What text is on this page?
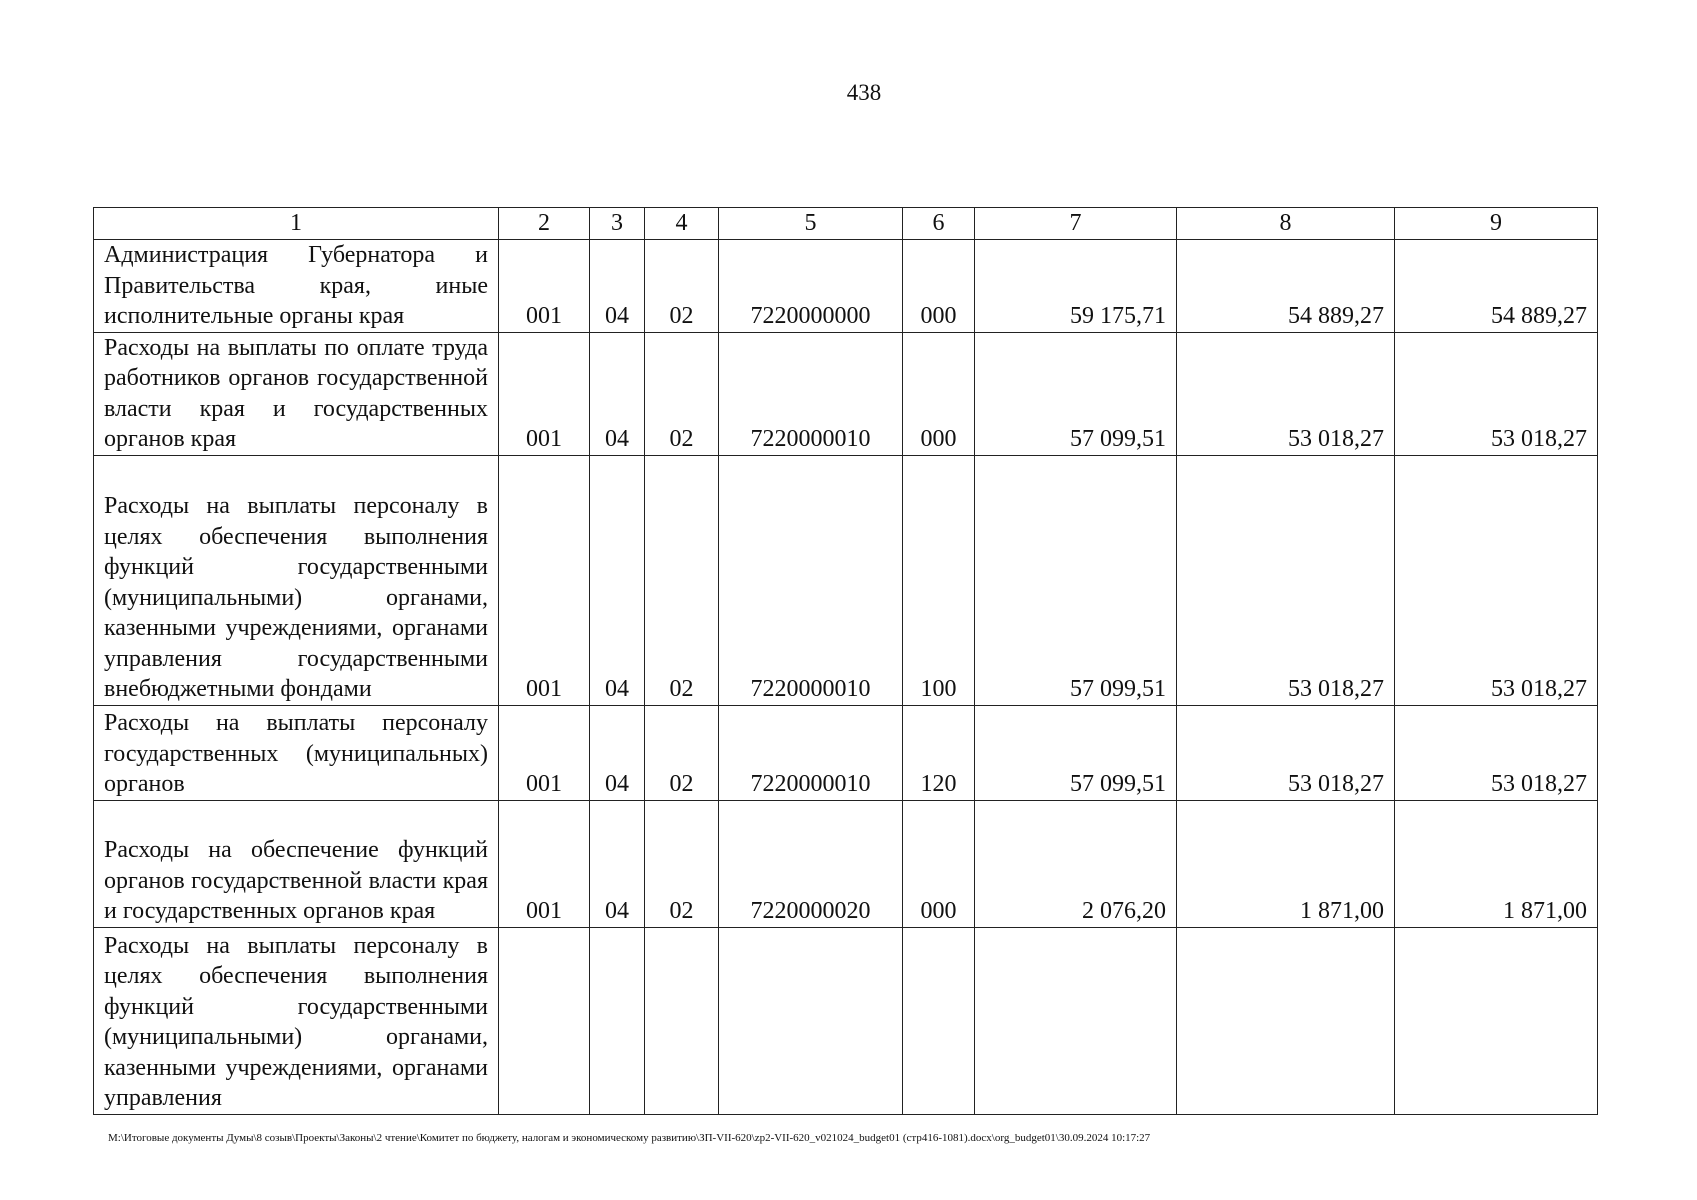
438
1	2	3	4	5	6	7	8	9
Администрация Губернатора и Правительства края, иные исполнительные органы края	001	04	02	7220000000	000	59 175,71	54 889,27	54 889,27
Расходы на выплаты по оплате труда работников органов государственной власти края и государственных органов края	001	04	02	7220000010	000	57 099,51	53 018,27	53 018,27
Расходы на выплаты персоналу в целях обеспечения выполнения функций государственными (муниципальными) органами, казенными учреждениями, органами управления государственными внебюджетными фондами	001	04	02	7220000010	100	57 099,51	53 018,27	53 018,27
Расходы на выплаты персоналу государственных (муниципальных) органов	001	04	02	7220000010	120	57 099,51	53 018,27	53 018,27
Расходы на обеспечение функций органов государственной власти края и государственных органов края	001	04	02	7220000020	000	2 076,20	1 871,00	1 871,00
Расходы на выплаты персоналу в целях обеспечения выполнения функций государственными (муниципальными) органами, казенными учреждениями, органами управления								
M:\Итоговые документы Думы\8 созыв\Проекты\Законы\2 чтение\Комитет по бюджету, налогам и экономическому развитию\ЗП-VII-620\zp2-VII-620_v021024_budget01 (стр416-1081).docx\org_budget01\30.09.2024 10:17:27
